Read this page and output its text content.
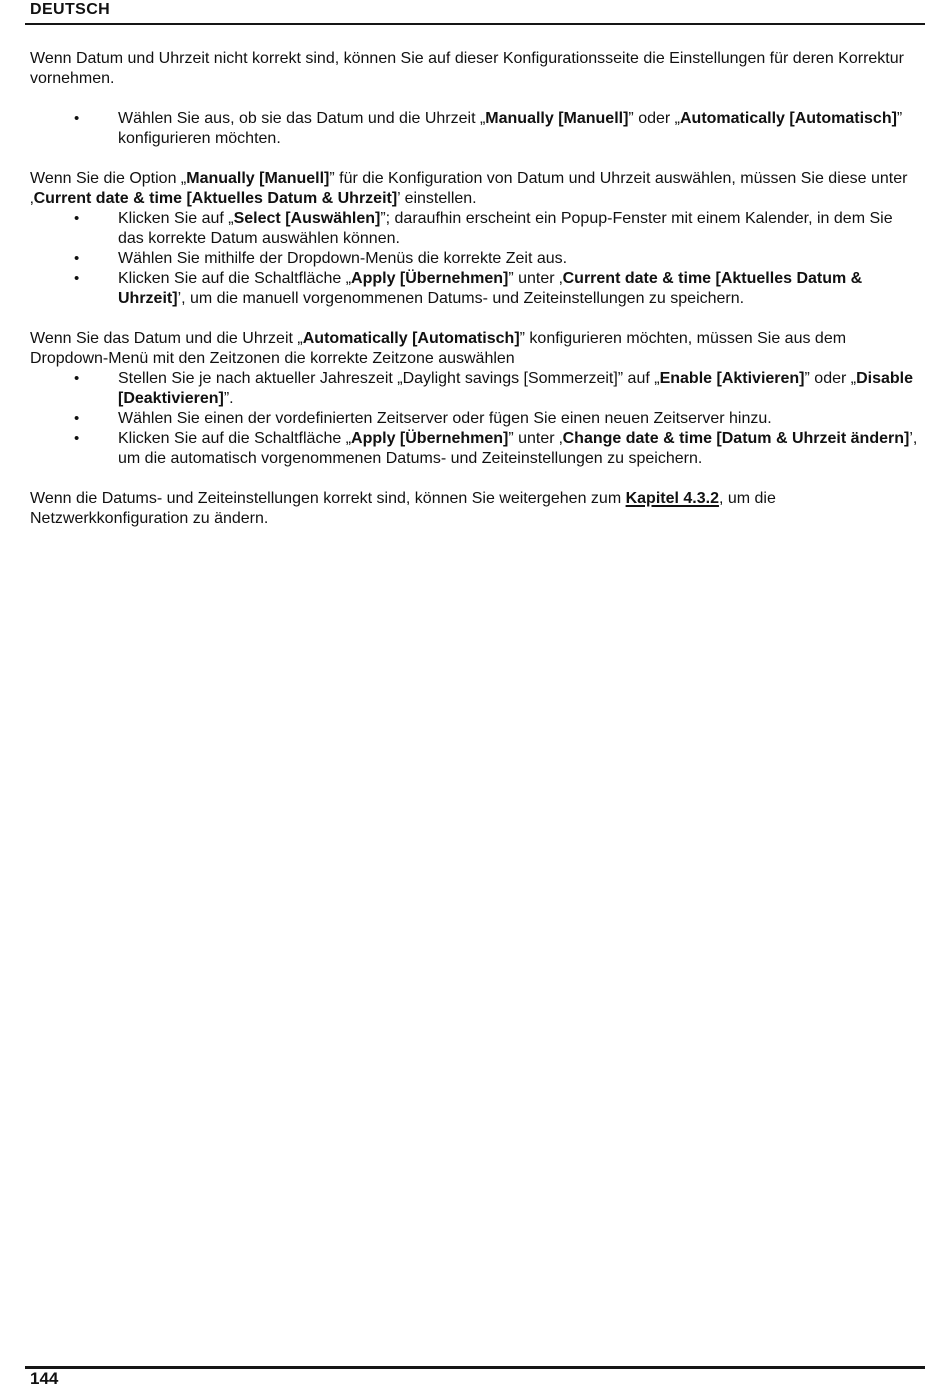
DEUTSCH

Wenn Datum und Uhrzeit nicht korrekt sind, können Sie auf dieser Konfigurationsseite die Einstellungen für deren Korrektur vornehmen.

• Wählen Sie aus, ob sie das Datum und die Uhrzeit „Manually [Manuell]” oder „Automatically [Automatisch]” konfigurieren möchten.

Wenn Sie die Option „Manually [Manuell]” für die Konfiguration von Datum und Uhrzeit auswählen, müssen Sie diese unter ‚Current date & time [Aktuelles Datum & Uhrzeit]’ einstellen.

• Klicken Sie auf „Select [Auswählen]”; daraufhin erscheint ein Popup-Fenster mit einem Kalender, in dem Sie das korrekte Datum auswählen können.
• Wählen Sie mithilfe der Dropdown-Menüs die korrekte Zeit aus.
• Klicken Sie auf die Schaltfläche „Apply [Übernehmen]” unter ‚Current date & time [Aktuelles Datum & Uhrzeit]’, um die manuell vorgenommenen Datums- und Zeiteinstellungen zu speichern.

Wenn Sie das Datum und die Uhrzeit „Automatically [Automatisch]” konfigurieren möchten, müssen Sie aus dem Dropdown-Menü mit den Zeitzonen die korrekte Zeitzone auswählen

• Stellen Sie je nach aktueller Jahreszeit „Daylight savings [Sommerzeit]” auf „Enable [Aktivieren]” oder „Disable [Deaktivieren]”.
• Wählen Sie einen der vordefinierten Zeitserver oder fügen Sie einen neuen Zeitserver hinzu.
• Klicken Sie auf die Schaltfläche „Apply [Übernehmen]” unter ‚Change date & time [Datum & Uhrzeit ändern]’, um die automatisch vorgenommenen Datums- und Zeiteinstellungen zu speichern.

Wenn die Datums- und Zeiteinstellungen korrekt sind, können Sie weitergehen zum Kapitel 4.3.2, um die Netzwerkkonfiguration zu ändern.

144
